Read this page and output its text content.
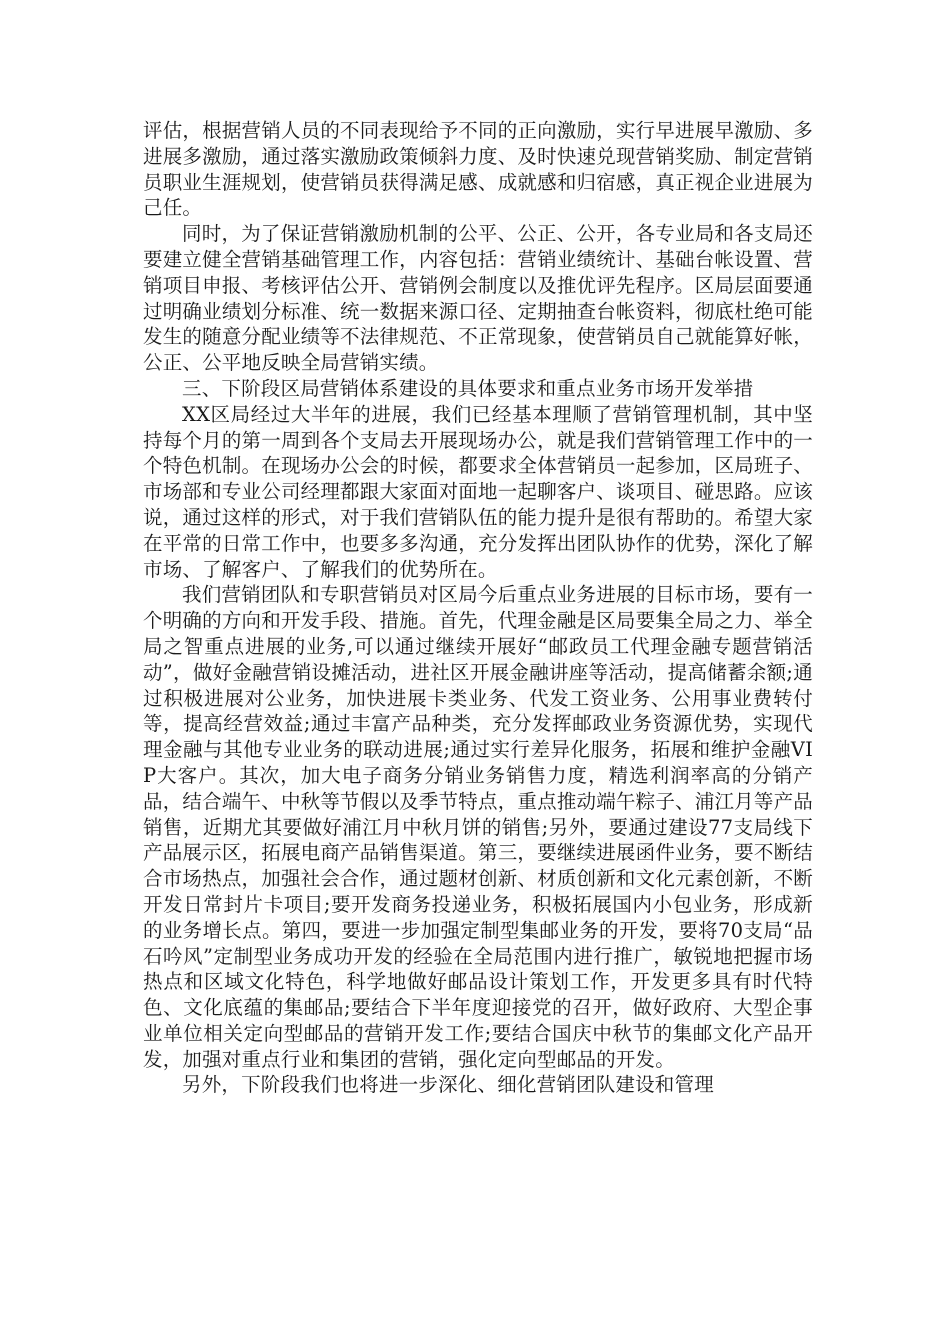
评估，根据营销人员的不同表现给予不同的正向激励，实行早进展早激励、多进展多激励，通过落实激励政策倾斜力度、及时快速兑现营销奖励、制定营销员职业生涯规划，使营销员获得满足感、成就感和归宿感，真正视企业进展为己任。

同时，为了保证营销激励机制的公平、公正、公开，各专业局和各支局还要建立健全营销基础管理工作，内容包括：营销业绩统计、基础台帐设置、营销项目申报、考核评估公开、营销例会制度以及推优评先程序。区局层面要通过明确业绩划分标准、统一数据来源口径、定期抽查台帐资料，彻底杜绝可能发生的随意分配业绩等不法律规范、不正常现象，使营销员自己就能算好帐，公正、公平地反映全局营销实绩。

三、下阶段区局营销体系建设的具体要求和重点业务市场开发举措

XX区局经过大半年的进展，我们已经基本理顺了营销管理机制，其中坚持每个月的第一周到各个支局去开展现场办公，就是我们营销管理工作中的一个特色机制。在现场办公会的时候，都要求全体营销员一起参加，区局班子、市场部和专业公司经理都跟大家面对面地一起聊客户、谈项目、碰思路。应该说，通过这样的形式，对于我们营销队伍的能力提升是很有帮助的。希望大家在平常的日常工作中，也要多多沟通，充分发挥出团队协作的优势，深化了解市场、了解客户、了解我们的优势所在。

我们营销团队和专职营销员对区局今后重点业务进展的目标市场，要有一个明确的方向和开发手段、措施。首先，代理金融是区局要集全局之力、举全局之智重点进展的业务,可以通过继续开展好“邮政员工代理金融专题营销活动”，做好金融营销设摊活动，进社区开展金融讲座等活动，提高储蓄余额;通过积极进展对公业务，加快进展卡类业务、代发工资业务、公用事业费转付等，提高经营效益;通过丰富产品种类，充分发挥邮政业务资源优势，实现代理金融与其他专业业务的联动进展;通过实行差异化服务，拓展和维护金融VIP大客户。其次，加大电子商务分销业务销售力度，精选利润率高的分销产品，结合端午、中秋等节假以及季节特点，重点推动端午粽子、浦江月等产品销售，近期尤其要做好浦江月中秋月饼的销售;另外，要通过建设77支局线下产品展示区，拓展电商产品销售渠道。第三，要继续进展函件业务，要不断结合市场热点，加强社会合作，通过题材创新、材质创新和文化元素创新，不断开发日常封片卡项目;要开发商务投递业务，积极拓展国内小包业务，形成新的业务增长点。第四，要进一步加强定制型集邮业务的开发，要将70支局“品石吟风”定制型业务成功开发的经验在全局范围内进行推广，敏锐地把握市场热点和区域文化特色，科学地做好邮品设计策划工作，开发更多具有时代特色、文化底蕴的集邮品;要结合下半年度迎接党的召开，做好政府、大型企事业单位相关定向型邮品的营销开发工作;要结合国庆中秋节的集邮文化产品开发，加强对重点行业和集团的营销，强化定向型邮品的开发。

另外，下阶段我们也将进一步深化、细化营销团队建设和管理
